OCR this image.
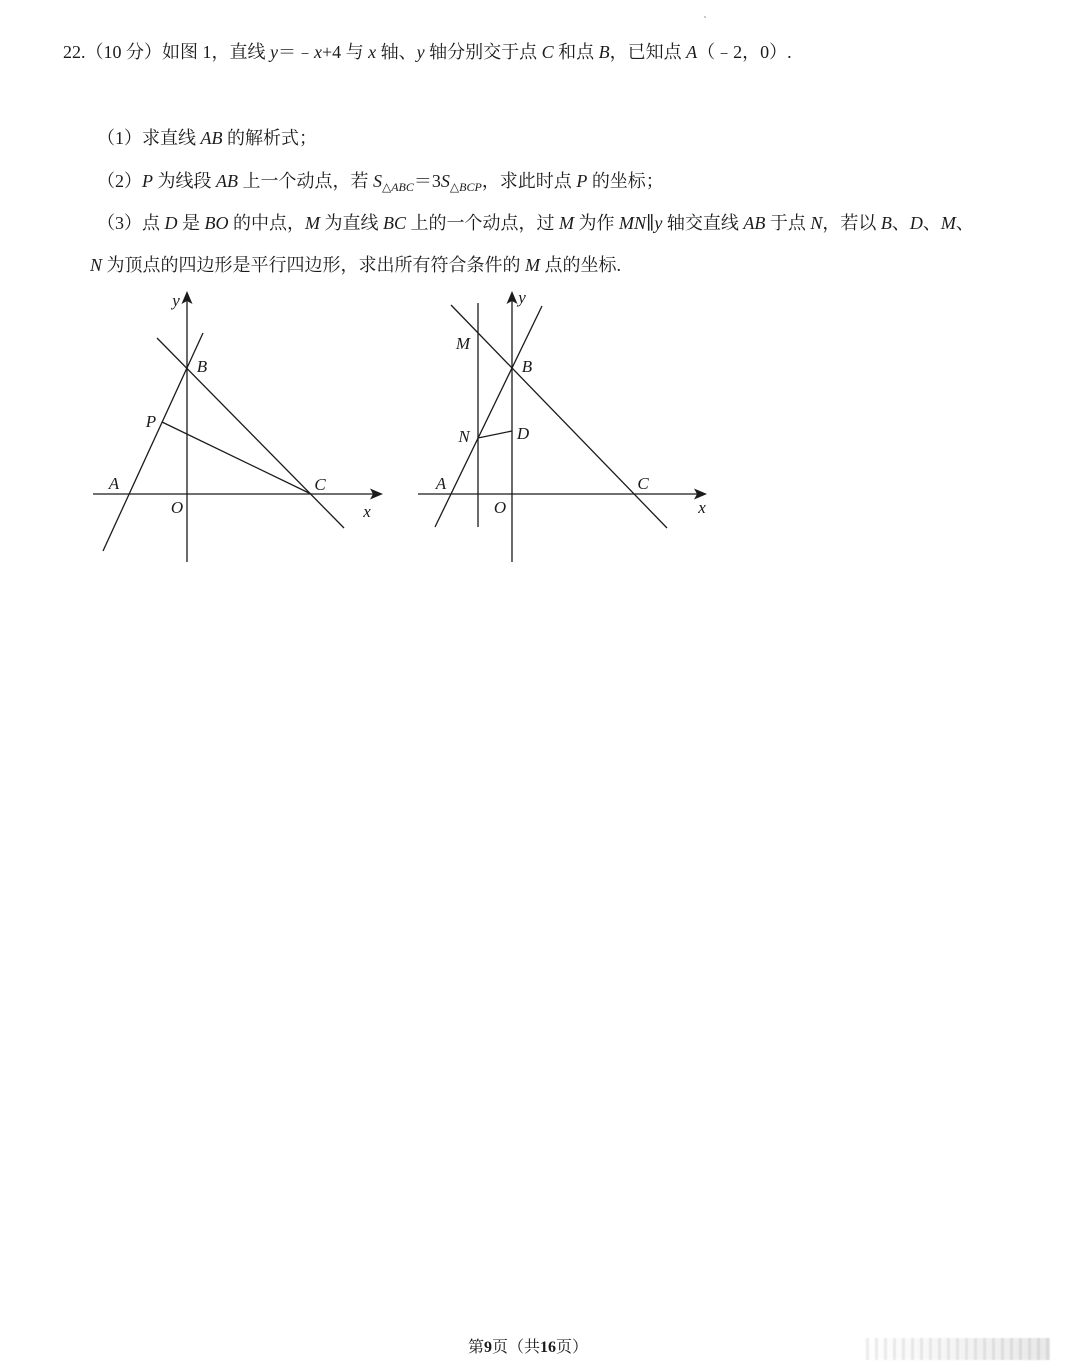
22.（10 分）如图 1，直线 y＝﹣x+4 与 x 轴、y 轴分别交于点 C 和点 B，已知点 A（﹣2，0）.
（1）求直线 AB 的解析式；
（2）P 为线段 AB 上一个动点，若 $S_{\triangle ABC}=3S_{\triangle BCP}$，求此时点 P 的坐标；
（3）点 D 是 BO 的中点，M 为直线 BC 上的一个动点，过 M 为作 MN∥y 轴交直线 AB 于点 N，若以 B、D、M、
N 为顶点的四边形是平行四边形，求出所有符合条件的 M 点的坐标.
y
B
P
A
O
C
x
y
M
B
N	D
A
O
C
x
第9页（共16页）
